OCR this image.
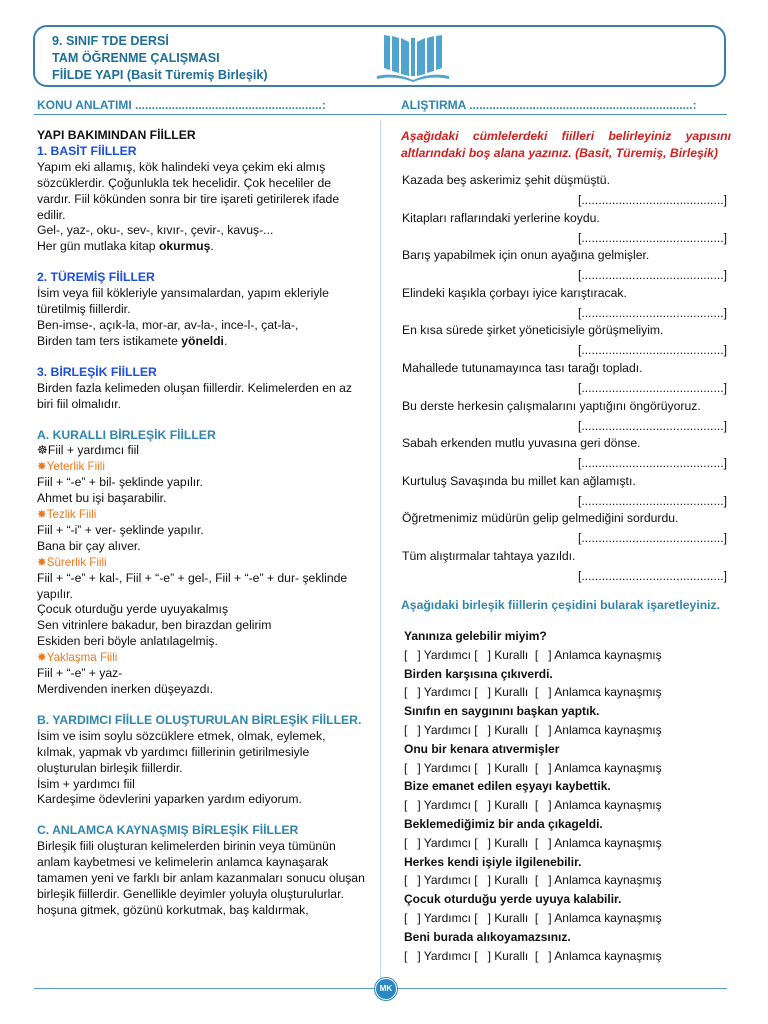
9. SINIF TDE DERSİ
TAM ÖĞRENME ÇALIŞMASI
FİİLDE YAPI (Basit Türemiş Birleşik)
KONU ANLATIMI ........................................................:	ALIŞTIRMA ...................................................................:

YAPI BAKIMINDAN FİİLLER

1. BASİT FİİLLER

Yapım eki allamış, kök halindeki veya çekim eki almış sözcüklerdir. Çoğunlukla tek hecelidir. Çok heceliler de vardır. Fiil kökünden sonra bir tire işareti getirilerek ifade edilir.

Gel-, yaz-, oku-, sev-, kıvır-, çevir-, kavuş-...

Her gün mutlaka kitap okurmuş.

2. TÜREMİŞ FİİLLER

İsim veya fiil kökleriyle yansımalardan, yapım ekleriyle türetilmiş fiillerdir.

Ben-imse-, açık-la, mor-ar, av-la-, ince-l-, çat-la-,

Birden tam ters istikamete yöneldi.

3. BİRLEŞİK FİİLLER

Birden fazla kelimeden oluşan fiillerdir. Kelimelerden en az biri fiil olmalıdır.

A. KURALLI BİRLEŞİK FİİLLER

☸Fiil + yardımcı fiil

✸Yeterlik Fiili

Fiil + “-e” + bil- şeklinde yapılır.

Ahmet bu işi başarabilir.

✸Tezlik Fiili

Fiil + “-i” + ver- şeklinde yapılır.

Bana bir çay alıver.

✸Sürerlik Fiili

Fiil + “-e” + kal-, Fiil + “-e” + gel-, Fiil + “-e” + dur- şeklinde yapılır.

Çocuk oturduğu yerde uyuyakalmış

Sen vitrinlere bakadur, ben birazdan gelirim

Eskiden beri böyle anlatılagelmiş.

✸Yaklaşma Fiili

Fiil + “-e” + yaz-

Merdivenden inerken düşeyazdı.

B. YARDIMCI FİİLLE OLUŞTURULAN BİRLEŞİK FİİLLER.

İsim ve isim soylu sözcüklere etmek, olmak, eylemek, kılmak, yapmak vb yardımcı fiillerinin getirilmesiyle oluşturulan birleşik fiillerdir.

İsim + yardımcı fiil

Kardeşime ödevlerini yaparken yardım ediyorum.

C. ANLAMCA KAYNAŞMIŞ BİRLEŞİK FİİLLER

Birleşik fiili oluşturan kelimelerden birinin veya tümünün anlam kaybetmesi ve kelimelerin anlamca kaynaşarak tamamen yeni ve farklı bir anlam kazanmaları sonucu oluşan birleşik fiillerdir. Genellikle deyimler yoluyla oluşturulurlar.

hoşuna gitmek, gözünü korkutmak, baş kaldırmak,

Aşağıdaki cümlelerdeki fiilleri belirleyiniz yapısını altlarındaki boş alana yazınız. (Basit, Türemiş, Birleşik)
Kazada beş askerimiz şehit düşmüştü.
[..........................................]
Kitapları raflarındaki yerlerine koydu.
[..........................................]
Barış yapabilmek için onun ayağına gelmişler.
[..........................................]
Elindeki kaşıkla çorbayı iyice karıştıracak.
[..........................................]
En kısa sürede şirket yöneticisiyle görüşmeliyim.
[..........................................]
Mahallede tutunamayınca tası tarağı topladı.
[..........................................]
Bu derste herkesin çalışmalarını yaptığını öngörüyoruz.
[..........................................]
Sabah erkenden mutlu yuvasına geri dönse.
[..........................................]
Kurtuluş Savaşında bu millet kan ağlamıştı.
[..........................................]
Öğretmenimiz müdürün gelip gelmediğini sordurdu.
[..........................................]
Tüm alıştırmalar tahtaya yazıldı.
[..........................................]
Aşağıdaki birleşik fiillerin çeşidini bularak işaretleyiniz.
Yanınıza gelebilir miyim?
[   ] Yardımcı [   ] Kurallı  [   ] Anlamca kaynaşmış
Birden karşısına çıkıverdi.
[   ] Yardımcı [   ] Kurallı  [   ] Anlamca kaynaşmış
Sınıfın en saygınını başkan yaptık.
[   ] Yardımcı [   ] Kurallı  [   ] Anlamca kaynaşmış
Onu bir kenara atıvermişler
[   ] Yardımcı [   ] Kurallı  [   ] Anlamca kaynaşmış
Bize emanet edilen eşyayı kaybettik.
[   ] Yardımcı [   ] Kurallı  [   ] Anlamca kaynaşmış
Beklemediğimiz bir anda çıkageldi.
[   ] Yardımcı [   ] Kurallı  [   ] Anlamca kaynaşmış
Herkes kendi işiyle ilgilenebilir.
[   ] Yardımcı [   ] Kurallı  [   ] Anlamca kaynaşmış
Çocuk oturduğu yerde uyuya kalabilir.
[   ] Yardımcı [   ] Kurallı  [   ] Anlamca kaynaşmış
Beni burada alıkoyamazsınız.
[   ] Yardımcı [   ] Kurallı  [   ] Anlamca kaynaşmış
MK
